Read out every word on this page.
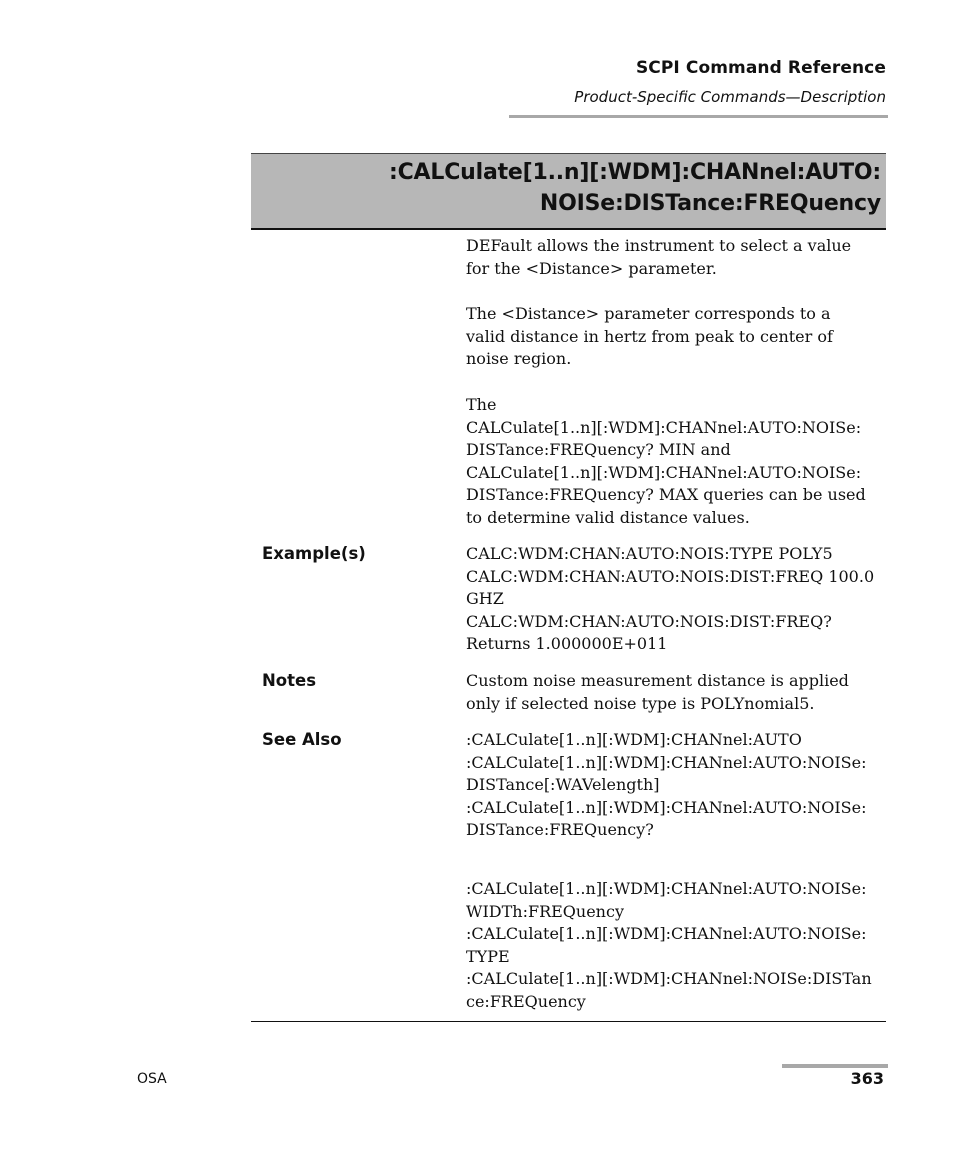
SCPI Command Reference
Product-Specific Commands—Description
:CALCulate[1..n][:WDM]:CHANnel:AUTO:
NOISe:DISTance:FREQuency
DEFault allows the instrument to select a value
for the <Distance> parameter.
The <Distance> parameter corresponds to a
valid distance in hertz from peak to center of
noise region.
The
CALCulate[1..n][:WDM]:CHANnel:AUTO:NOISe:
DISTance:FREQuency? MIN and
CALCulate[1..n][:WDM]:CHANnel:AUTO:NOISe:
DISTance:FREQuency? MAX queries can be used
to determine valid distance values.
Example(s)	CALC:WDM:CHAN:AUTO:NOIS:TYPE POLY5
CALC:WDM:CHAN:AUTO:NOIS:DIST:FREQ 100.0
GHZ
CALC:WDM:CHAN:AUTO:NOIS:DIST:FREQ?
Returns 1.000000E+011
Notes	Custom noise measurement distance is applied
only if selected noise type is POLYnomial5.
See Also	:CALCulate[1..n][:WDM]:CHANnel:AUTO
:CALCulate[1..n][:WDM]:CHANnel:AUTO:NOISe:
DISTance[:WAVelength]
:CALCulate[1..n][:WDM]:CHANnel:AUTO:NOISe:
DISTance:FREQuency?
:CALCulate[1..n][:WDM]:CHANnel:AUTO:NOISe:
WIDTh:FREQuency
:CALCulate[1..n][:WDM]:CHANnel:AUTO:NOISe:
TYPE
:CALCulate[1..n][:WDM]:CHANnel:NOISe:DISTan
ce:FREQuency
OSA	363
